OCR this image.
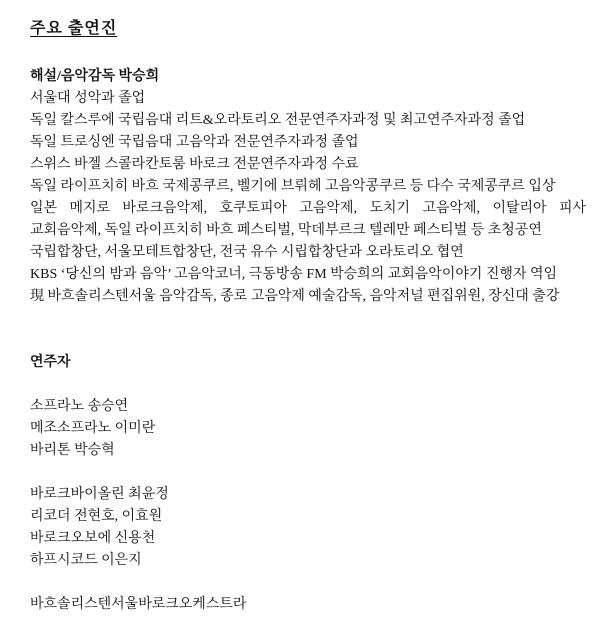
주요 출연진

해설/음악감독 박승희

서울대 성악과 졸업

독일 칼스루에 국립음대 리트&오라토리오 전문연주자과정 및 최고연주자과정 졸업

독일 트로싱엔 국립음대 고음악과 전문연주자과정 졸업

스위스 바젤 스콜라칸토룸 바로크 전문연주자과정 수료

독일 라이프치히 바흐 국제콩쿠르, 벨기에 브뤼헤 고음악콩쿠르 등 다수 국제콩쿠르 입상

일본 메지로 바로크음악제, 호쿠토피아 고음악제, 도치기 고음악제, 이탈리아 피사 교회음악제, 독일 라이프치히 바흐 페스티벌, 막데부르크 텔레만 페스티벌 등 초청공연

국립합창단, 서울모테트합창단, 전국 유수 시립합창단과 오라토리오 협연

KBS ‘당신의 밤과 음악’ 고음악코너, 극동방송 FM 박승희의 교회음악이야기 진행자 역임

現 바흐솔리스텐서울 음악감독, 종로 고음악제 예술감독, 음악저널 편집위원, 장신대 출강

연주자

소프라노 송승연

메조소프라노 이미란

바리톤 박승혁

바로크바이올린 최윤정

리코더 전현호, 이효원

바로크오보에 신용천

하프시코드 이은지

바흐솔리스텐서울바로크오케스트라
